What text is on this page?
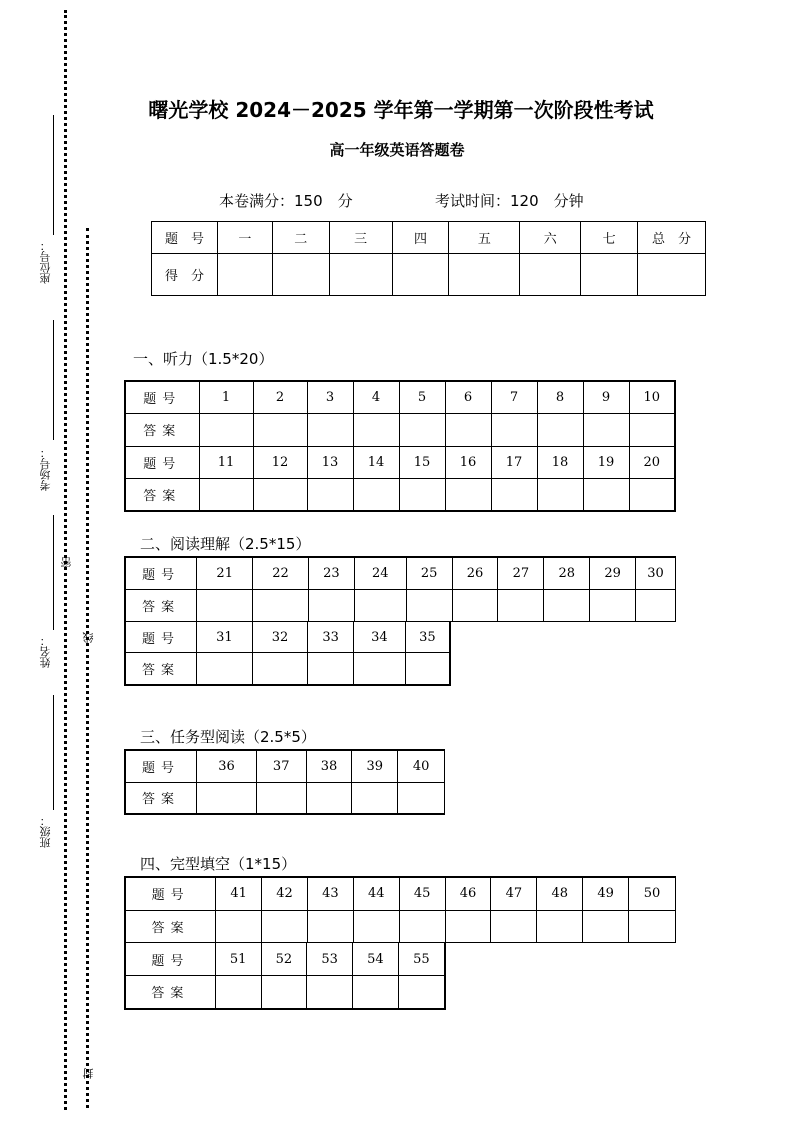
座位号：
考场号：
姓名：
班级：
密
线
封
曙光学校 2024－2025 学年第一学期第一次阶段性考试
高一年级英语答题卷
本卷满分：150　分	考试时间：120　分钟
题　号	一	二	三	四	五	六	七	总　分
得　分								
一、听力（1.5*20）
题号	1	2	3	4	5	6	7	8	9	10
答案										
题号	11	12	13	14	15	16	17	18	19	20
答案										
二、阅读理解（2.5*15）
题号	21	22	23	24	25	26	27	28	29	30
答案										
题号	31	32	33	34	35
答案					
三、任务型阅读（2.5*5）
题号	36	37	38	39	40
答案					
四、完型填空（1*15）
题号	41	42	43	44	45	46	47	48	49	50
答案										
题号	51	52	53	54	55
答案					
